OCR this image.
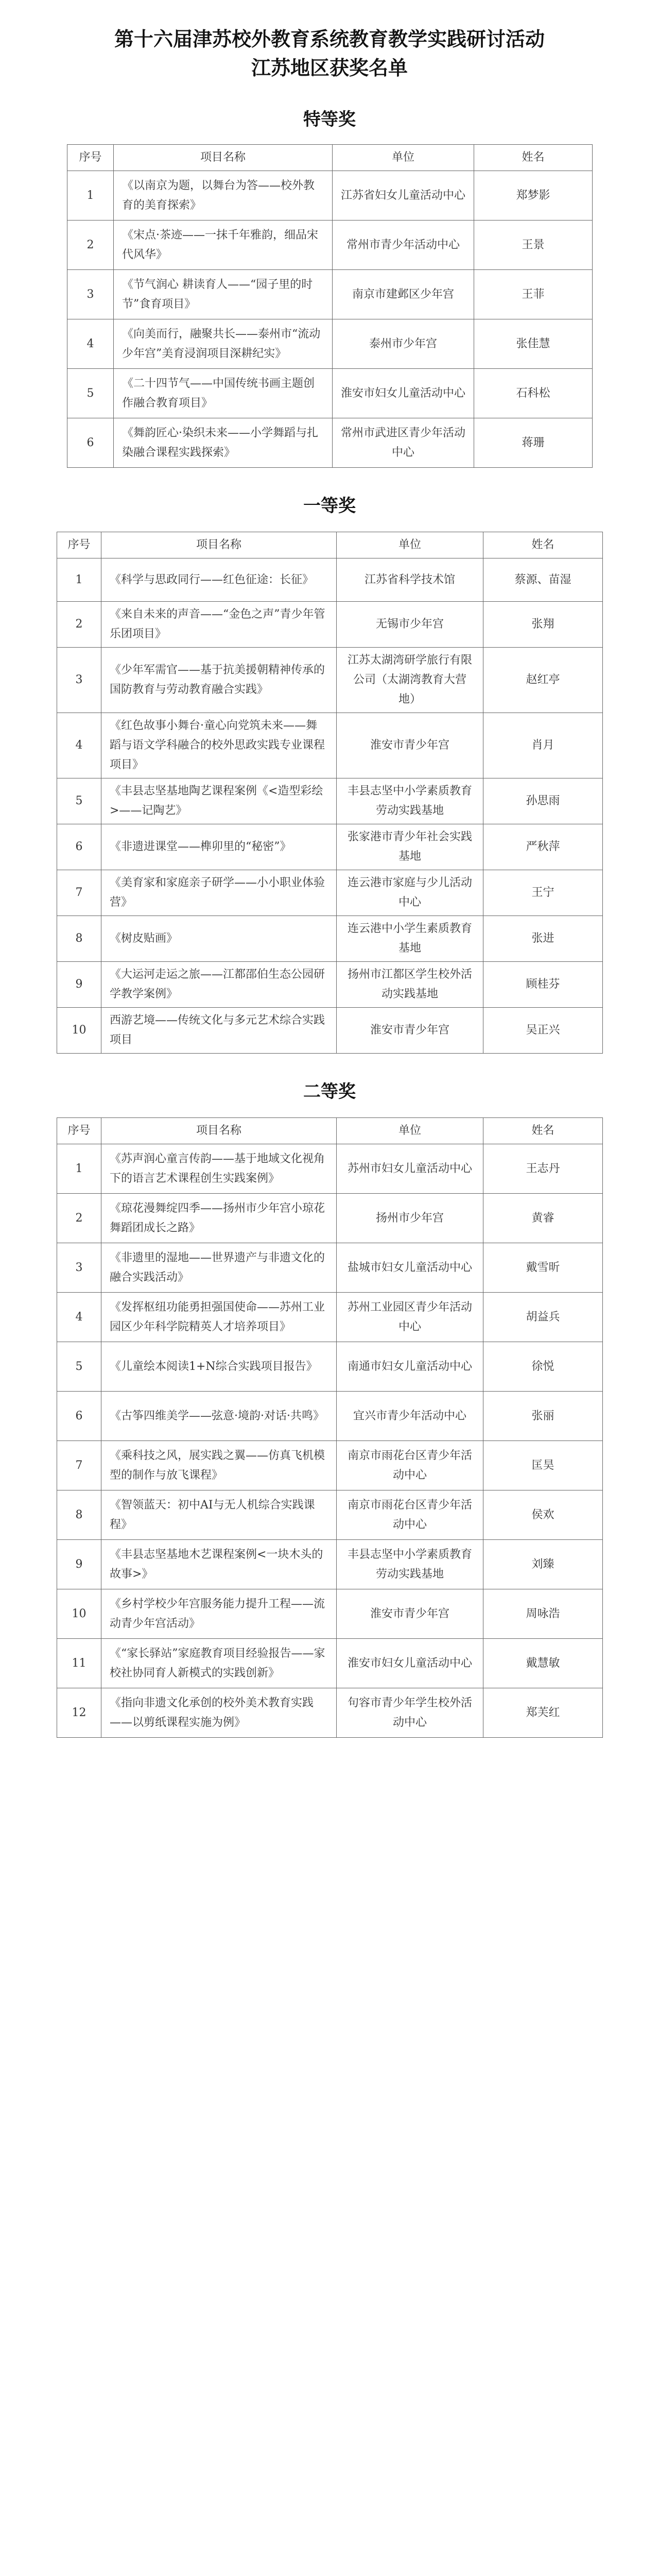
第十六届津苏校外教育系统教育教学实践研讨活动
江苏地区获奖名单
特等奖
序号	项目名称	单位	姓名
1	《以南京为题，以舞台为答——校外教育的美育探索》	江苏省妇女儿童活动中心	郑梦影
2	《宋点·茶迹——一抹千年雅韵，细品宋代风华》	常州市青少年活动中心	王景
3	《节气润心 耕读育人——“园子里的时节”食育项目》	南京市建邺区少年宫	王菲
4	《向美而行，融聚共长——泰州市“流动少年宫”美育浸润项目深耕纪实》	泰州市少年宫	张佳慧
5	《二十四节气——中国传统书画主题创作融合教育项目》	淮安市妇女儿童活动中心	石科松
6	《舞韵匠心·染织未来——小学舞蹈与扎染融合课程实践探索》	常州市武进区青少年活动中心	蒋珊
一等奖
序号	项目名称	单位	姓名
1	《科学与思政同行——红色征途：长征》	江苏省科学技术馆	蔡源、苗湿
2	《来自未来的声音——“金色之声”青少年管乐团项目》	无锡市少年宫	张翔
3	《少年军需官——基于抗美援朝精神传承的国防教育与劳动教育融合实践》	江苏太湖湾研学旅行有限公司（太湖湾教育大营地）	赵红亭
4	《红色故事小舞台·童心向党筑未来——舞蹈与语文学科融合的校外思政实践专业课程项目》	淮安市青少年宫	肖月
5	《丰县志坚基地陶艺课程案例《<造型彩绘>——记陶艺》	丰县志坚中小学素质教育劳动实践基地	孙思雨
6	《非遗进课堂——榫卯里的“秘密”》	张家港市青少年社会实践基地	严秋萍
7	《美育家和家庭亲子研学——小小职业体验营》	连云港市家庭与少儿活动中心	王宁
8	《树皮贴画》	连云港中小学生素质教育基地	张进
9	《大运河走运之旅——江都邵伯生态公园研学教学案例》	扬州市江都区学生校外活动实践基地	顾桂芬
10	西游艺境——传统文化与多元艺术综合实践项目	淮安市青少年宫	吴正兴
二等奖
序号	项目名称	单位	姓名
1	《苏声润心童言传韵——基于地域文化视角下的语言艺术课程创生实践案例》	苏州市妇女儿童活动中心	王志丹
2	《琼花漫舞绽四季——扬州市少年宫小琼花舞蹈团成长之路》	扬州市少年宫	黄睿
3	《非遗里的湿地——世界遗产与非遗文化的融合实践活动》	盐城市妇女儿童活动中心	戴雪昕
4	《发挥枢纽功能勇担强国使命——苏州工业园区少年科学院精英人才培养项目》	苏州工业园区青少年活动中心	胡益兵
5	《儿童绘本阅读1+N综合实践项目报告》	南通市妇女儿童活动中心	徐悦
6	《古筝四维美学——弦意·境韵·对话·共鸣》	宜兴市青少年活动中心	张丽
7	《乘科技之风，展实践之翼——仿真飞机模型的制作与放飞课程》	南京市雨花台区青少年活动中心	匡昊
8	《智领蓝天：初中AI与无人机综合实践课程》	南京市雨花台区青少年活动中心	侯欢
9	《丰县志坚基地木艺课程案例<一块木头的故事>》	丰县志坚中小学素质教育劳动实践基地	刘臻
10	《乡村学校少年宫服务能力提升工程——流动青少年宫活动》	淮安市青少年宫	周咏浩
11	《“家长驿站”家庭教育项目经验报告——家校社协同育人新模式的实践创新》	淮安市妇女儿童活动中心	戴慧敏
12	《指向非遗文化承创的校外美术教育实践——以剪纸课程实施为例》	句容市青少年学生校外活动中心	郑芙红
